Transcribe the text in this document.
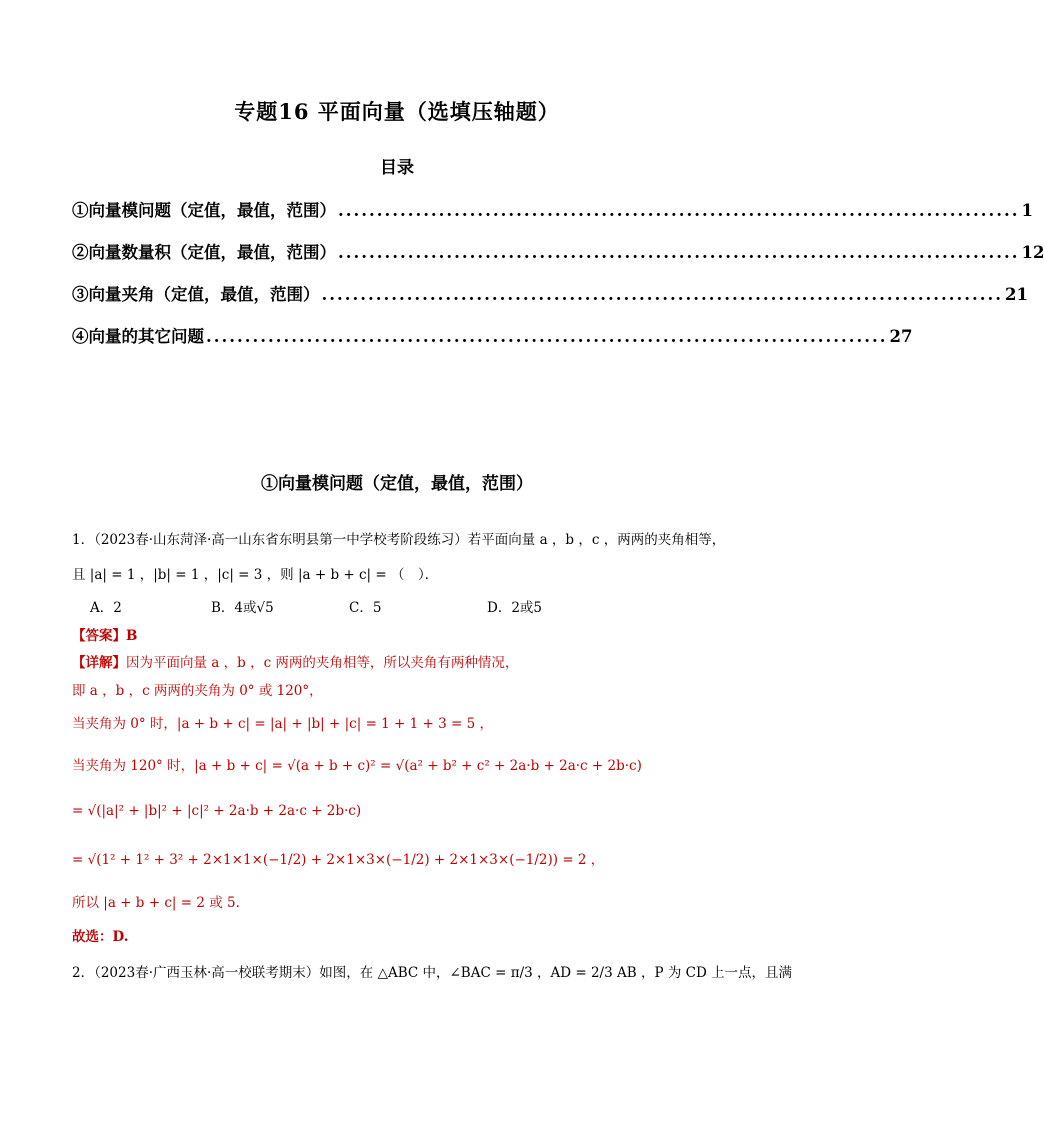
专题16 平面向量（选填压轴题）
目录
①向量模问题（定值，最值，范围） ........................................................................................ 1
②向量数量积（定值，最值，范围） ........................................................................................ 12
③向量夹角（定值，最值，范围） ........................................................................................ 21
④向量的其它问题 ........................................................................................ 27
①向量模问题（定值，最值，范围）
1．（2023春·山东菏泽·高一山东省东明县第一中学校考阶段练习）若平面向量 a ，b ，c ，两两的夹角相等，
且 |a| = 1 ，|b| = 1 ，|c| = 3 ，则 |a + b + c| = （　）．
A．2	B．4或√5	C．5	D．2或5
【答案】B
【详解】因为平面向量 a ，b ，c 两两的夹角相等，所以夹角有两种情况，
即 a ，b ，c 两两的夹角为 0° 或 120°，
当夹角为 0° 时，|a + b + c| = |a| + |b| + |c| = 1 + 1 + 3 = 5 ，
当夹角为 120° 时，|a + b + c| = √(a + b + c)² = √(a² + b² + c² + 2a·b + 2a·c + 2b·c)
= √(|a|² + |b|² + |c|² + 2a·b + 2a·c + 2b·c)
= √(1² + 1² + 3² + 2×1×1×(−1/2) + 2×1×3×(−1/2) + 2×1×3×(−1/2)) = 2 ，
所以 |a + b + c| = 2 或 5.
故选：D.
2．（2023春·广西玉林·高一校联考期末）如图，在 △ABC 中，∠BAC = π/3 ，AD = 2/3 AB ，P 为 CD 上一点，且满
